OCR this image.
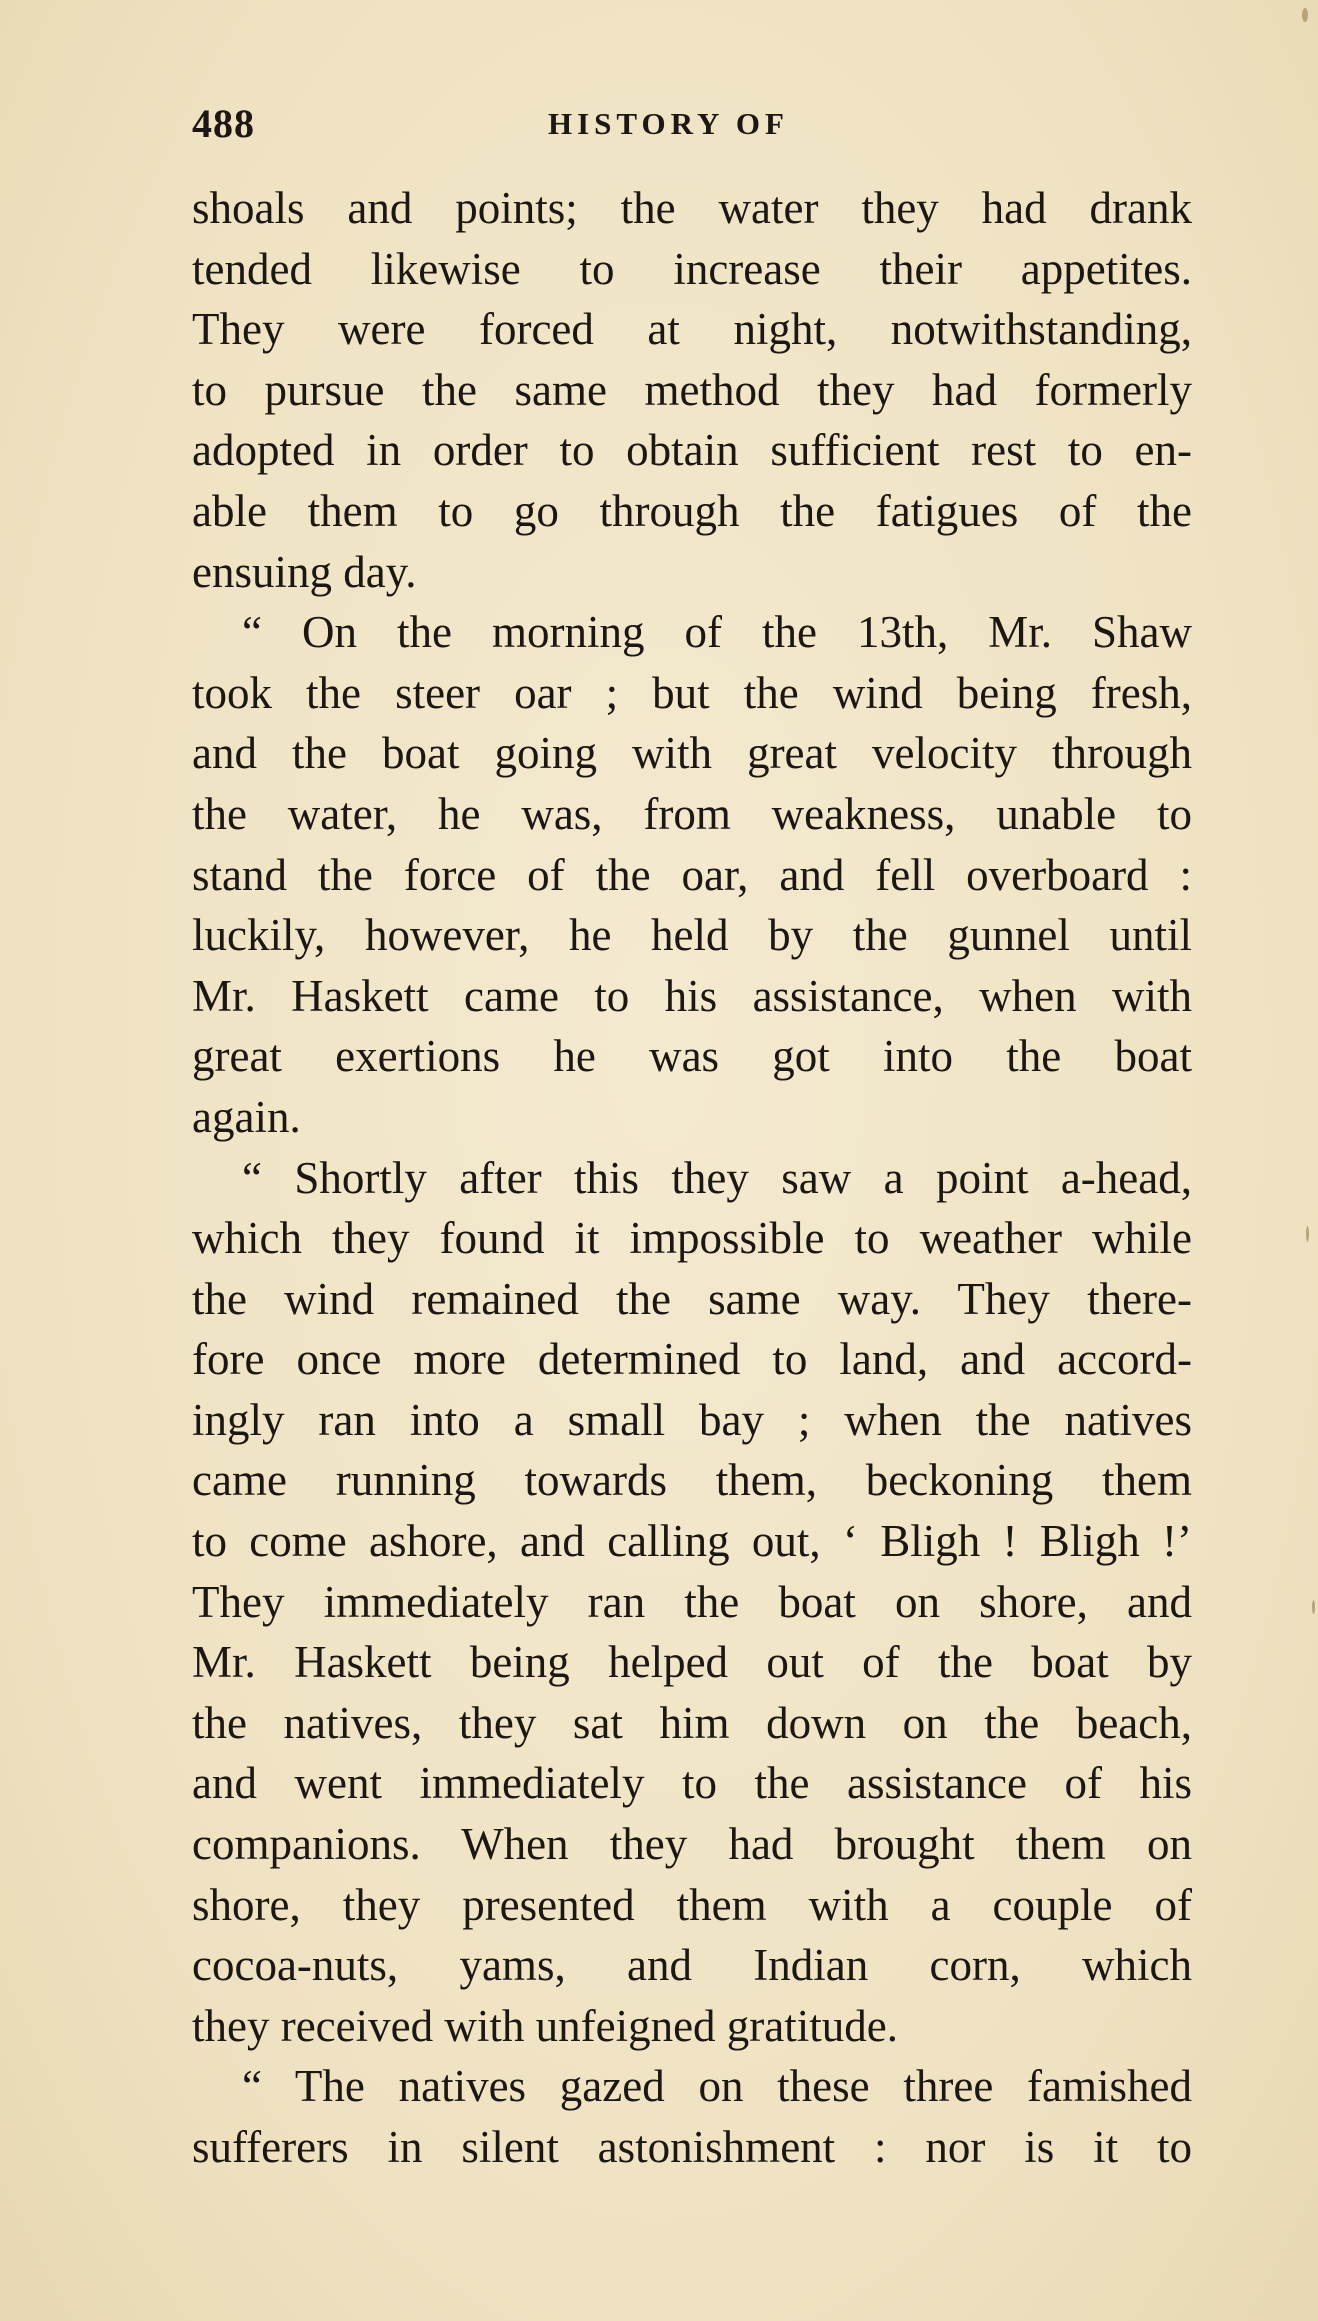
488	HISTORY OF
shoals and points; the water they had drank
tended likewise to increase their appetites.
They were forced at night, notwithstanding,
to pursue the same method they had formerly
adopted in order to obtain sufficient rest to en-
able them to go through the fatigues of the
ensuing day.
“ On the morning of the 13th, Mr. Shaw
took the steer oar ; but the wind being fresh,
and the boat going with great velocity through
the water, he was, from weakness, unable to
stand the force of the oar, and fell overboard :
luckily, however, he held by the gunnel until
Mr. Haskett came to his assistance, when with
great exertions he was got into the boat
again.
“ Shortly after this they saw a point a-head,
which they found it impossible to weather while
the wind remained the same way. They there-
fore once more determined to land, and accord-
ingly ran into a small bay ; when the natives
came running towards them, beckoning them
to come ashore, and calling out, ‘ Bligh ! Bligh !’
They immediately ran the boat on shore, and
Mr. Haskett being helped out of the boat by
the natives, they sat him down on the beach,
and went immediately to the assistance of his
companions. When they had brought them on
shore, they presented them with a couple of
cocoa-nuts, yams, and Indian corn, which
they received with unfeigned gratitude.
“ The natives gazed on these three famished
sufferers in silent astonishment : nor is it to
